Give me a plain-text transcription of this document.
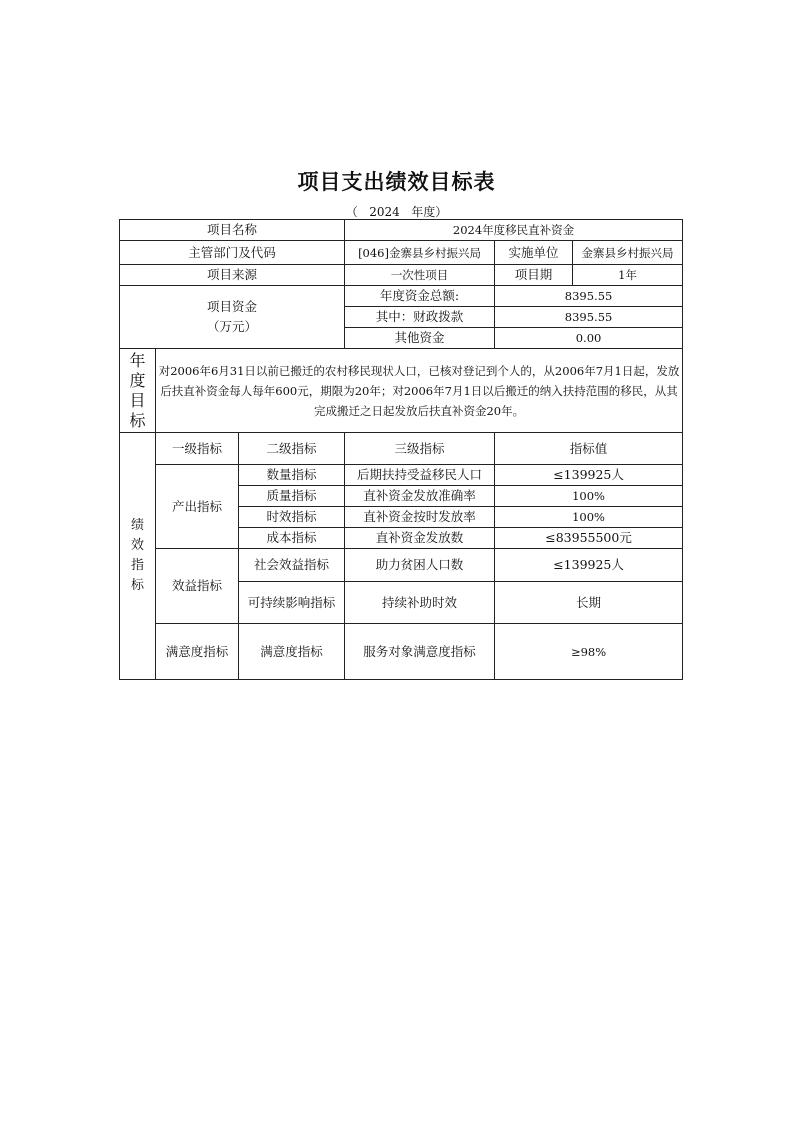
项目支出绩效目标表
（   2024   年度）
项目名称			2024年度移民直补资金		
主管部门及代码			[046]金寨县乡村振兴局	实施单位	金寨县乡村振兴局
项目来源			一次性项目	项目期	1年

项目资金
（万元）			年度资金总额:	8395.55	
			其中：财政拨款	8395.55	
			其他资金	0.00	

年
度
目
标	对2006年6月31日以前已搬迁的农村移民现状人口，已核对登记到个人的，从2006年7月1日起，发放后扶直补资金每人每年600元，期限为20年；对2006年7月1日以后搬迁的纳入扶持范围的移民，从其完成搬迁之日起发放后扶直补资金20年。				

绩
效
指
标	一级指标	二级指标	三级指标	指标值	
	产出指标	数量指标	后期扶持受益移民人口	≤139925人	
		质量指标	直补资金发放准确率	100%	
		时效指标	直补资金按时发放率	100%	
		成本指标	直补资金发放数	≤83955500元	
	效益指标	社会效益指标	助力贫困人口数	≤139925人	
		可持续影响指标	持续补助时效	长期	
	满意度指标	满意度指标	服务对象满意度指标	≥98%	
